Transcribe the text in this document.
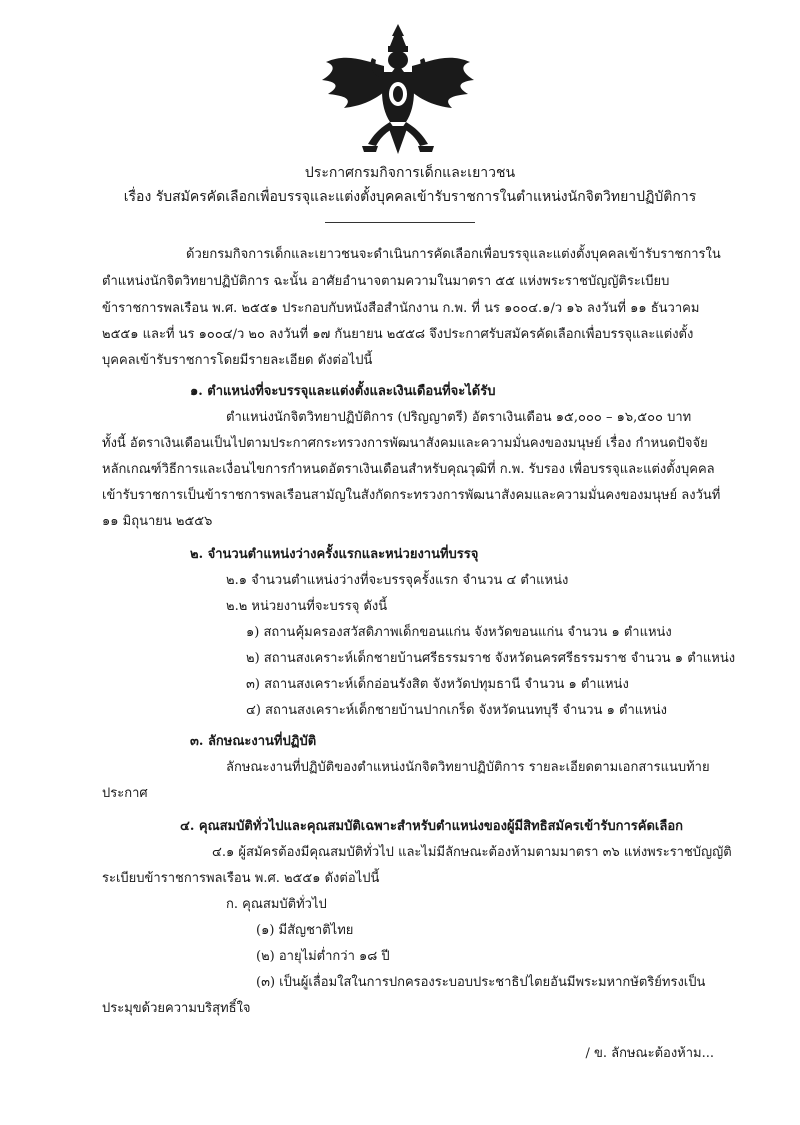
ประกาศกรมกิจการเด็กและเยาวชน
เรื่อง รับสมัครคัดเลือกเพื่อบรรจุและแต่งตั้งบุคคลเข้ารับราชการในตำแหน่งนักจิตวิทยาปฏิบัติการ
ด้วยกรมกิจการเด็กและเยาวชนจะดำเนินการคัดเลือกเพื่อบรรจุและแต่งตั้งบุคคลเข้ารับราชการใน
ตำแหน่งนักจิตวิทยาปฏิบัติการ ฉะนั้น อาศัยอำนาจตามความในมาตรา ๕๕ แห่งพระราชบัญญัติระเบียบ
ข้าราชการพลเรือน พ.ศ. ๒๕๕๑ ประกอบกับหนังสือสำนักงาน ก.พ. ที่ นร ๑๐๐๔.๑/ว ๑๖ ลงวันที่ ๑๑ ธันวาคม
๒๕๕๑ และที่ นร ๑๐๐๔/ว ๒๐ ลงวันที่ ๑๗ กันยายน ๒๕๕๘ จึงประกาศรับสมัครคัดเลือกเพื่อบรรจุและแต่งตั้ง
บุคคลเข้ารับราชการโดยมีรายละเอียด ดังต่อไปนี้
๑. ตำแหน่งที่จะบรรจุและแต่งตั้งและเงินเดือนที่จะได้รับ
ตำแหน่งนักจิตวิทยาปฏิบัติการ (ปริญญาตรี) อัตราเงินเดือน ๑๕,๐๐๐ – ๑๖,๕๐๐ บาท
ทั้งนี้ อัตราเงินเดือนเป็นไปตามประกาศกระทรวงการพัฒนาสังคมและความมั่นคงของมนุษย์ เรื่อง กำหนดปัจจัย
หลักเกณฑ์วิธีการและเงื่อนไขการกำหนดอัตราเงินเดือนสำหรับคุณวุฒิที่ ก.พ. รับรอง เพื่อบรรจุและแต่งตั้งบุคคล
เข้ารับราชการเป็นข้าราชการพลเรือนสามัญในสังกัดกระทรวงการพัฒนาสังคมและความมั่นคงของมนุษย์ ลงวันที่
๑๑ มิถุนายน ๒๕๕๖
๒. จำนวนตำแหน่งว่างครั้งแรกและหน่วยงานที่บรรจุ
๒.๑ จำนวนตำแหน่งว่างที่จะบรรจุครั้งแรก จำนวน ๔ ตำแหน่ง
๒.๒ หน่วยงานที่จะบรรจุ ดังนี้
๑) สถานคุ้มครองสวัสดิภาพเด็กขอนแก่น จังหวัดขอนแก่น จำนวน ๑ ตำแหน่ง
๒) สถานสงเคราะห์เด็กชายบ้านศรีธรรมราช จังหวัดนครศรีธรรมราช จำนวน ๑ ตำแหน่ง
๓) สถานสงเคราะห์เด็กอ่อนรังสิต จังหวัดปทุมธานี จำนวน ๑ ตำแหน่ง
๔) สถานสงเคราะห์เด็กชายบ้านปากเกร็ด จังหวัดนนทบุรี จำนวน ๑ ตำแหน่ง
๓. ลักษณะงานที่ปฏิบัติ
ลักษณะงานที่ปฏิบัติของตำแหน่งนักจิตวิทยาปฏิบัติการ รายละเอียดตามเอกสารแนบท้าย
ประกาศ
๔. คุณสมบัติทั่วไปและคุณสมบัติเฉพาะสำหรับตำแหน่งของผู้มีสิทธิสมัครเข้ารับการคัดเลือก
๔.๑ ผู้สมัครต้องมีคุณสมบัติทั่วไป และไม่มีลักษณะต้องห้ามตามมาตรา ๓๖ แห่งพระราชบัญญัติ
ระเบียบข้าราชการพลเรือน พ.ศ. ๒๕๕๑ ดังต่อไปนี้
ก. คุณสมบัติทั่วไป
(๑) มีสัญชาติไทย
(๒) อายุไม่ต่ำกว่า ๑๘ ปี
(๓) เป็นผู้เลื่อมใสในการปกครองระบอบประชาธิปไตยอันมีพระมหากษัตริย์ทรงเป็น
ประมุขด้วยความบริสุทธิ์ใจ
/ ข. ลักษณะต้องห้าม...
